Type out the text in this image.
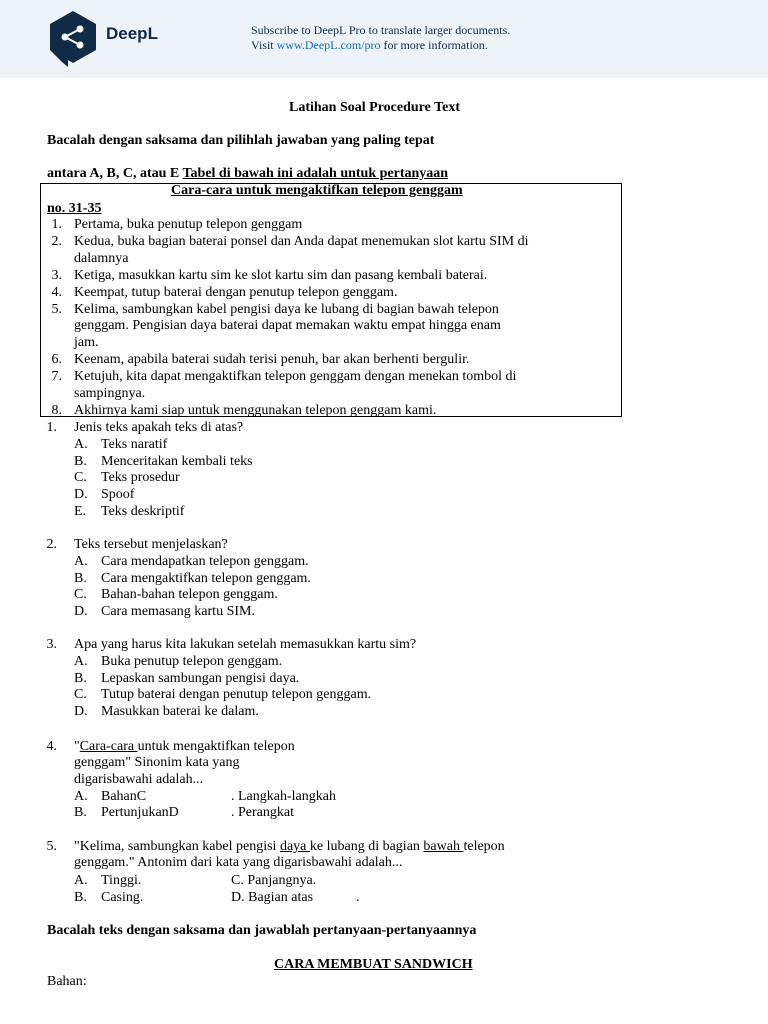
DeepL	Subscribe to DeepL Pro to translate larger documents.
Visit www.DeepL.com/pro for more information.
Latihan Soal Procedure Text
Bacalah dengan saksama dan pilihlah jawaban yang paling tepat
antara A, B, C, atau E Tabel di bawah ini adalah untuk pertanyaan
Cara-cara untuk mengaktifkan telepon genggam
no. 31-35
1. Pertama, buka penutup telepon genggam
2. Kedua, buka bagian baterai ponsel dan Anda dapat menemukan slot kartu SIM di
dalamnya
3. Ketiga, masukkan kartu sim ke slot kartu sim dan pasang kembali baterai.
4. Keempat, tutup baterai dengan penutup telepon genggam.
5. Kelima, sambungkan kabel pengisi daya ke lubang di bagian bawah telepon
genggam. Pengisian daya baterai dapat memakan waktu empat hingga enam
jam.
6. Keenam, apabila baterai sudah terisi penuh, bar akan berhenti bergulir.
7. Ketujuh, kita dapat mengaktifkan telepon genggam dengan menekan tombol di
sampingnya.
8. Akhirnya kami siap untuk menggunakan telepon genggam kami.
1. Jenis teks apakah teks di atas?
A. Teks naratif
B. Menceritakan kembali teks
C. Teks prosedur
D. Spoof
E. Teks deskriptif
2. Teks tersebut menjelaskan?
A. Cara mendapatkan telepon genggam.
B. Cara mengaktifkan telepon genggam.
C. Bahan-bahan telepon genggam.
D. Cara memasang kartu SIM.
3. Apa yang harus kita lakukan setelah memasukkan kartu sim?
A. Buka penutup telepon genggam.
B. Lepaskan sambungan pengisi daya.
C. Tutup baterai dengan penutup telepon genggam.
D. Masukkan baterai ke dalam.
4. "Cara-cara untuk mengaktifkan telepon
genggam" Sinonim kata yang
digarisbawahi adalah...
A. BahanC	. Langkah-langkah
B. PertunjukanD	. Perangkat
5. "Kelima, sambungkan kabel pengisi daya ke lubang di bagian bawah telepon
genggam." Antonim dari kata yang digarisbawahi adalah...
A. Tinggi.	C. Panjangnya.
B. Casing.	D. Bagian atas	.
Bacalah teks dengan saksama dan jawablah pertanyaan-pertanyaannya
CARA MEMBUAT SANDWICH
Bahan:
